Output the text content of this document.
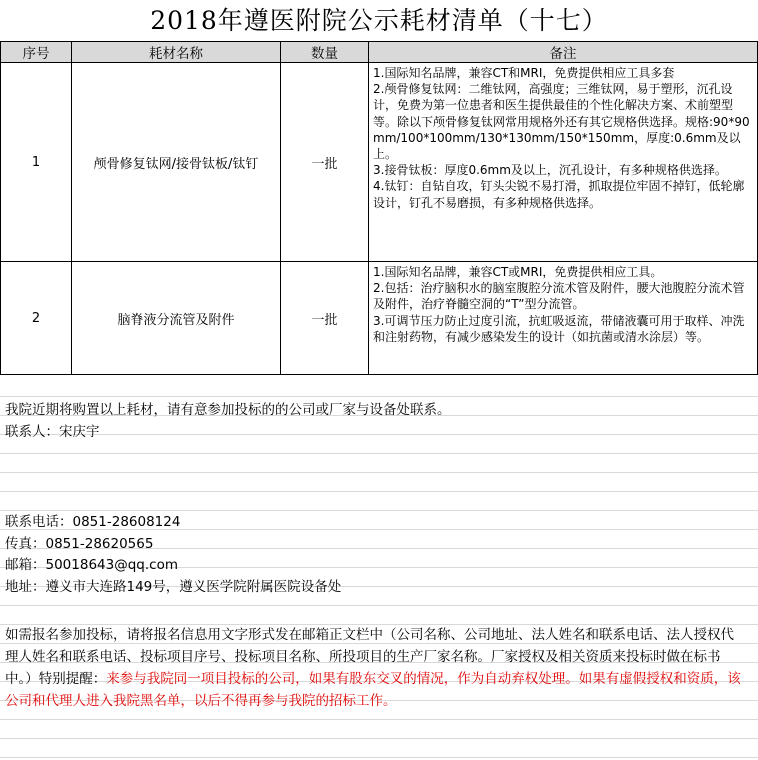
2018年遵医附院公示耗材清单（十七）
序号	耗材名称	数量	备注
1	颅骨修复钛网/接骨钛板/钛钉	一批	1.国际知名品牌，兼容CT和MRI，免费提供相应工具多套
2.颅骨修复钛网：二维钛网，高强度；三维钛网，易于塑形，沉孔设计，免费为第一位患者和医生提供最佳的个性化解决方案、术前塑型等。除以下颅骨修复钛网常用规格外还有其它规格供选择。规格:90*90mm/100*100mm/130*130mm/150*150mm，厚度:0.6mm及以上。
3.接骨钛板：厚度0.6mm及以上，沉孔设计，有多种规格供选择。
4.钛钉：自钻自攻，钉头尖锐不易打滑，抓取提位牢固不掉钉，低轮廓设计，钉孔不易磨损，有多种规格供选择。

2	脑脊液分流管及附件	一批	1.国际知名品牌，兼容CT或MRI，免费提供相应工具。
2.包括：治疗脑积水的脑室腹腔分流术管及附件，腰大池腹腔分流术管及附件，治疗脊髓空洞的“T”型分流管。
3.可调节压力防止过度引流，抗虹吸返流，带储液囊可用于取样、冲洗和注射药物，有减少感染发生的设计（如抗菌或清水涂层）等。
我院近期将购置以上耗材，请有意参加投标的的公司或厂家与设备处联系。
联系人：宋庆宇
联系电话：0851-28608124
传真：0851-28620565
邮箱：50018643@qq.com
地址：遵义市大连路149号，遵义医学院附属医院设备处
如需报名参加投标，请将报名信息用文字形式发在邮箱正文栏中（公司名称、公司地址、法人姓名和联系电话、法人授权代理人姓名和联系电话、投标项目序号、投标项目名称、所投项目的生产厂家名称。厂家授权及相关资质来投标时做在标书中。）特别提醒：来参与我院同一项目投标的公司，如果有股东交叉的情况，作为自动弃权处理。如果有虚假授权和资质，该公司和代理人进入我院黑名单，以后不得再参与我院的招标工作。
